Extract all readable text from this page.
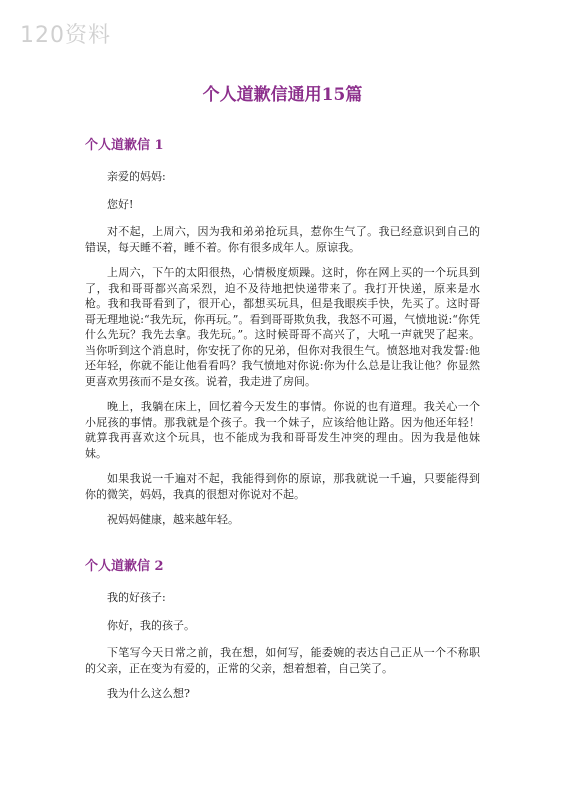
120资料
个人道歉信通用15篇
个人道歉信 1

亲爱的妈妈:

您好!

对不起，上周六，因为我和弟弟抢玩具，惹你生气了。我已经意识到自己的错误，每天睡不着，睡不着。你有很多成年人。原谅我。

上周六，下午的太阳很热，心情极度烦躁。这时，你在网上买的一个玩具到了，我和哥哥都兴高采烈，迫不及待地把快递带来了。我打开快递，原来是水枪。我和我哥看到了，很开心，都想买玩具，但是我眼疾手快，先买了。这时哥哥无理地说:“我先玩，你再玩。”。看到哥哥欺负我，我怒不可遏，气愤地说:“你凭什么先玩？我先去拿。我先玩。”。这时候哥哥不高兴了，大吼一声就哭了起来。当你听到这个消息时，你安抚了你的兄弟，但你对我很生气。愤怒地对我发誓:他还年轻，你就不能让他看看吗？我气愤地对你说:你为什么总是让我让他？你显然更喜欢男孩而不是女孩。说着，我走进了房间。

晚上，我躺在床上，回忆着今天发生的事情。你说的也有道理。我关心一个小屁孩的事情。那我就是个孩子。我一个妹子，应该给他让路。因为他还年轻！就算我再喜欢这个玩具，也不能成为我和哥哥发生冲突的理由。因为我是他妹妹。

如果我说一千遍对不起，我能得到你的原谅，那我就说一千遍，只要能得到你的微笑，妈妈，我真的很想对你说对不起。

祝妈妈健康，越来越年轻。

个人道歉信 2

我的好孩子:

你好，我的孩子。

下笔写今天日常之前，我在想，如何写，能委婉的表达自己正从一个不称职的父亲，正在变为有爱的，正常的父亲，想着想着，自己笑了。

我为什么这么想?
